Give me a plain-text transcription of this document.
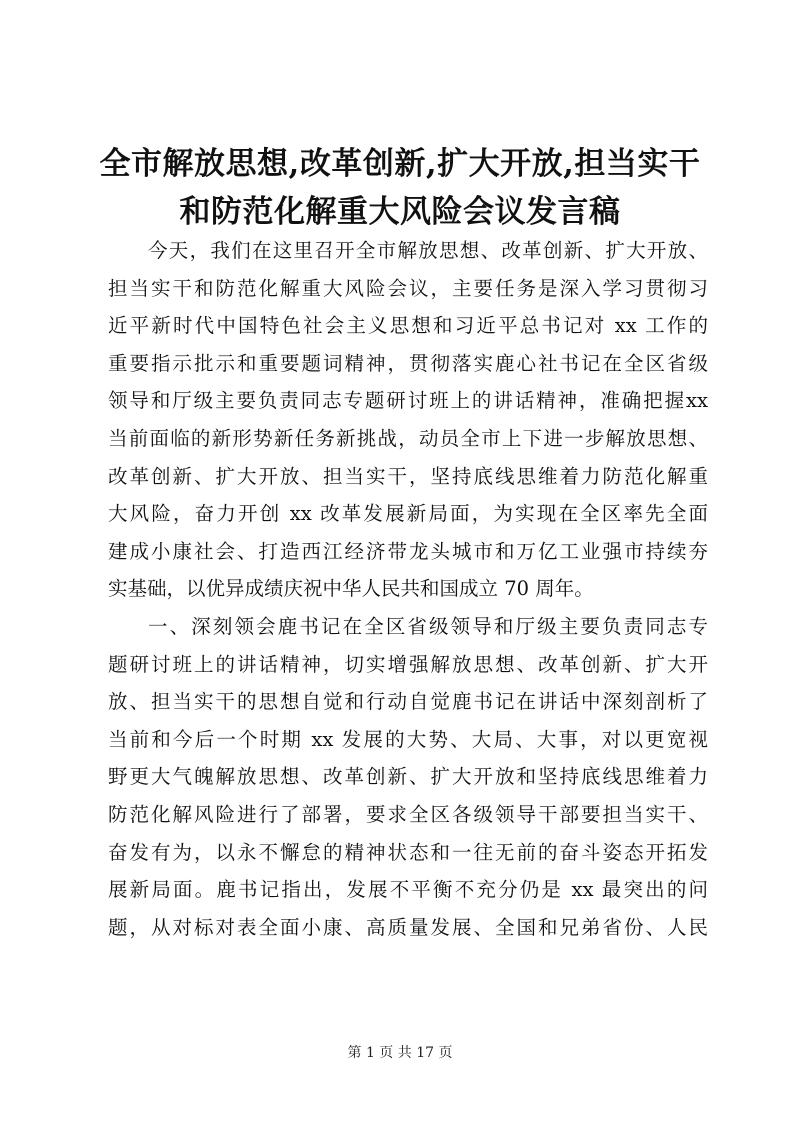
全市解放思想,改革创新,扩大开放,担当实干
和防范化解重大风险会议发言稿
今天，我们在这里召开全市解放思想、改革创新、扩大开放、
担当实干和防范化解重大风险会议，主要任务是深入学习贯彻习
近平新时代中国特色社会主义思想和习近平总书记对 xx 工作的
重要指示批示和重要题词精神，贯彻落实鹿心社书记在全区省级
领导和厅级主要负责同志专题研讨班上的讲话精神，准确把握xx
当前面临的新形势新任务新挑战，动员全市上下进一步解放思想、
改革创新、扩大开放、担当实干，坚持底线思维着力防范化解重
大风险，奋力开创 xx 改革发展新局面，为实现在全区率先全面
建成小康社会、打造西江经济带龙头城市和万亿工业强市持续夯
实基础，以优异成绩庆祝中华人民共和国成立 70 周年。
一、深刻领会鹿书记在全区省级领导和厅级主要负责同志专
题研讨班上的讲话精神，切实增强解放思想、改革创新、扩大开
放、担当实干的思想自觉和行动自觉鹿书记在讲话中深刻剖析了
当前和今后一个时期 xx 发展的大势、大局、大事，对以更宽视
野更大气魄解放思想、改革创新、扩大开放和坚持底线思维着力
防范化解风险进行了部署，要求全区各级领导干部要担当实干、
奋发有为，以永不懈怠的精神状态和一往无前的奋斗姿态开拓发
展新局面。鹿书记指出，发展不平衡不充分仍是 xx 最突出的问
题，从对标对表全面小康、高质量发展、全国和兄弟省份、人民
第 1 页 共 17 页
